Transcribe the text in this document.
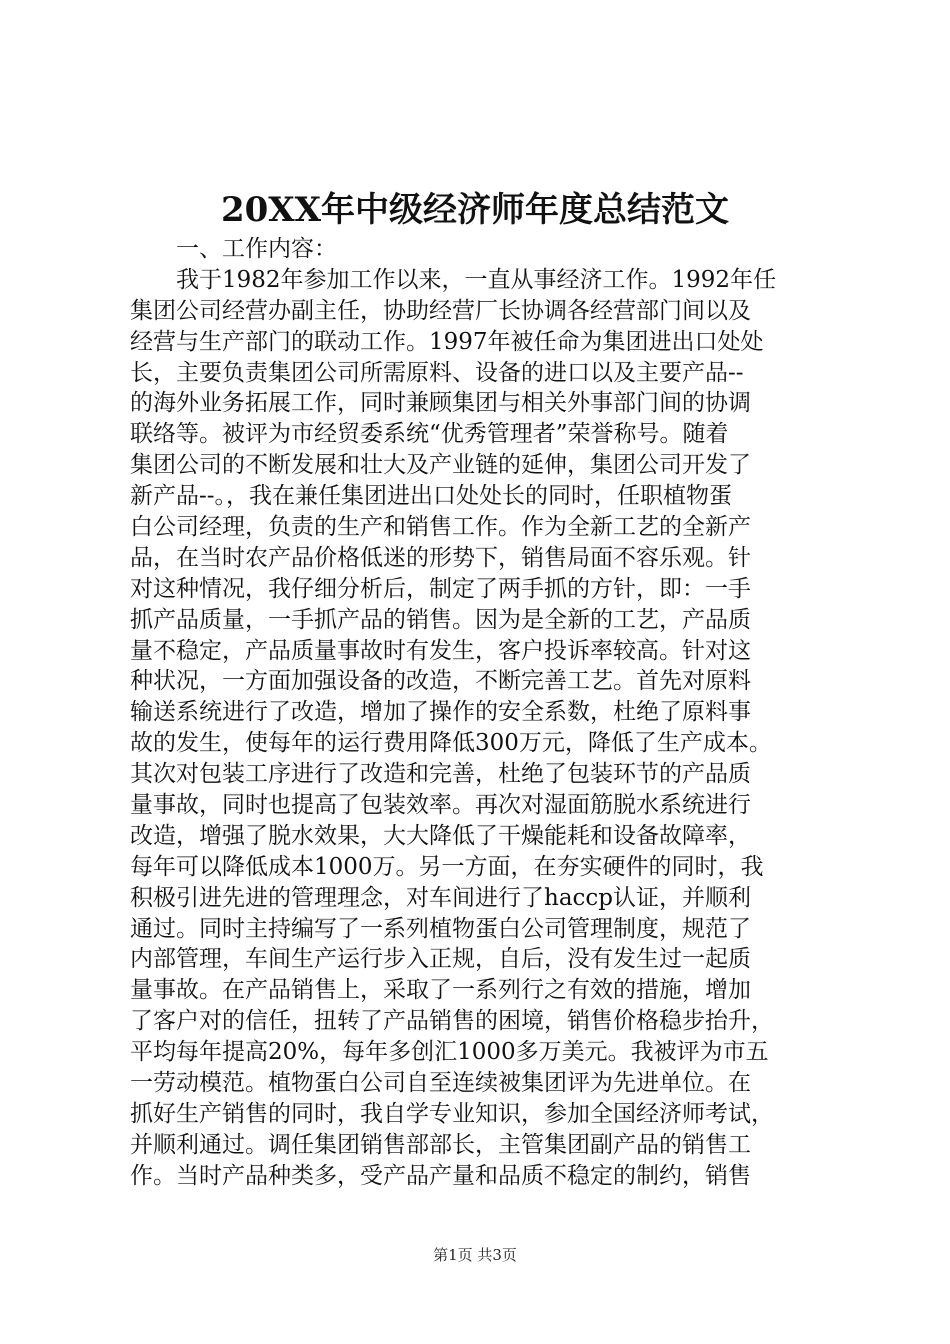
20XX年中级经济师年度总结范文
　　一、工作内容：
　　我于1982年参加工作以来，一直从事经济工作。1992年任
集团公司经营办副主任，协助经营厂长协调各经营部门间以及
经营与生产部门的联动工作。1997年被任命为集团进出口处处
长，主要负责集团公司所需原料、设备的进口以及主要产品--
的海外业务拓展工作，同时兼顾集团与相关外事部门间的协调
联络等。被评为市经贸委系统“优秀管理者”荣誉称号。随着
集团公司的不断发展和壮大及产业链的延伸，集团公司开发了
新产品--。，我在兼任集团进出口处处长的同时，任职植物蛋
白公司经理，负责的生产和销售工作。作为全新工艺的全新产
品，在当时农产品价格低迷的形势下，销售局面不容乐观。针
对这种情况，我仔细分析后，制定了两手抓的方针，即：一手
抓产品质量，一手抓产品的销售。因为是全新的工艺，产品质
量不稳定，产品质量事故时有发生，客户投诉率较高。针对这
种状况，一方面加强设备的改造，不断完善工艺。首先对原料
输送系统进行了改造，增加了操作的安全系数，杜绝了原料事
故的发生，使每年的运行费用降低300万元，降低了生产成本。
其次对包装工序进行了改造和完善，杜绝了包装环节的产品质
量事故，同时也提高了包装效率。再次对湿面筋脱水系统进行
改造，增强了脱水效果，大大降低了干燥能耗和设备故障率，
每年可以降低成本1000万。另一方面，在夯实硬件的同时，我
积极引进先进的管理理念，对车间进行了haccp认证，并顺利
通过。同时主持编写了一系列植物蛋白公司管理制度，规范了
内部管理，车间生产运行步入正规，自后，没有发生过一起质
量事故。在产品销售上，采取了一系列行之有效的措施，增加
了客户对的信任，扭转了产品销售的困境，销售价格稳步抬升，
平均每年提高20%，每年多创汇1000多万美元。我被评为市五
一劳动模范。植物蛋白公司自至连续被集团评为先进单位。在
抓好生产销售的同时，我自学专业知识，参加全国经济师考试，
并顺利通过。调任集团销售部部长，主管集团副产品的销售工
作。当时产品种类多，受产品产量和品质不稳定的制约，销售
第1页 共3页
